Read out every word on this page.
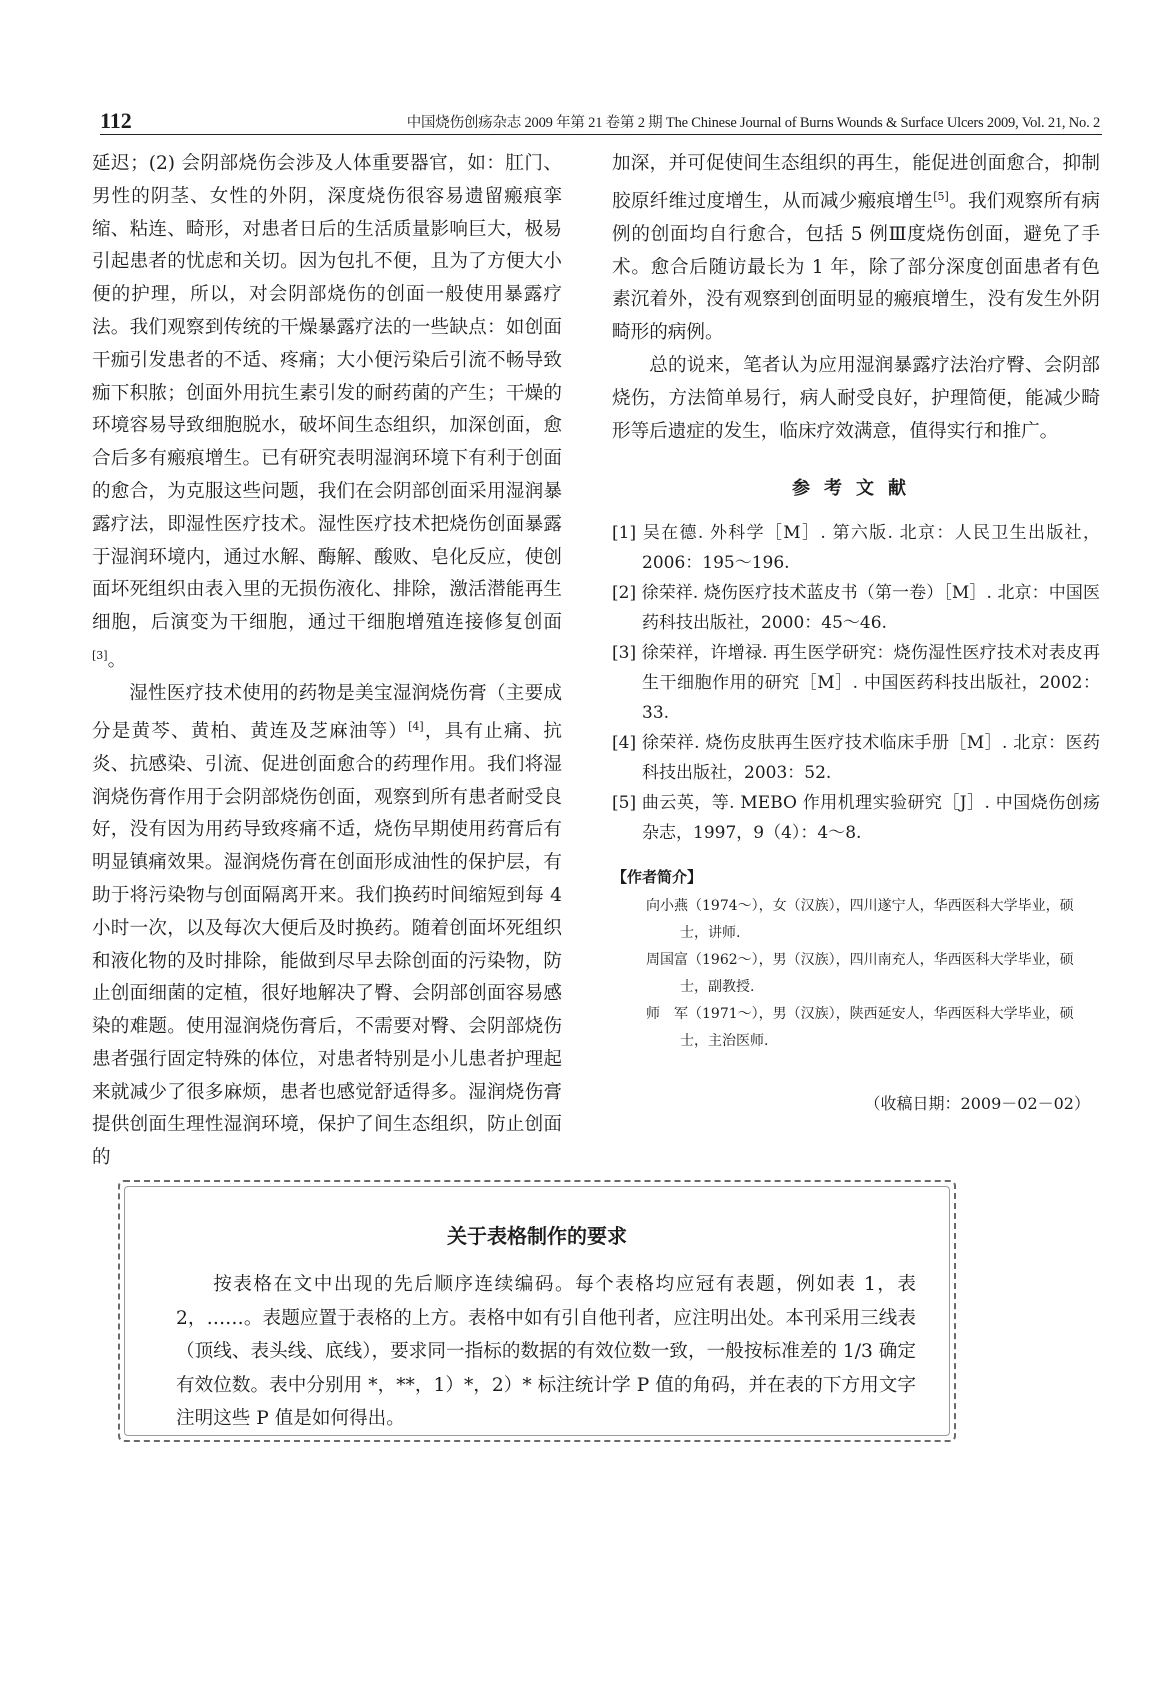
112	中国烧伤创疡杂志 2009 年第 21 卷第 2 期 The Chinese Journal of Burns Wounds & Surface Ulcers 2009, Vol. 21, No. 2

延迟；(2) 会阴部烧伤会涉及人体重要器官，如：肛门、男性的阴茎、女性的外阴，深度烧伤很容易遗留瘢痕挛缩、粘连、畸形，对患者日后的生活质量影响巨大，极易引起患者的忧虑和关切。因为包扎不便，且为了方便大小便的护理，所以，对会阴部烧伤的创面一般使用暴露疗法。我们观察到传统的干燥暴露疗法的一些缺点：如创面干痂引发患者的不适、疼痛；大小便污染后引流不畅导致痂下积脓；创面外用抗生素引发的耐药菌的产生；干燥的环境容易导致细胞脱水，破坏间生态组织，加深创面，愈合后多有瘢痕增生。已有研究表明湿润环境下有利于创面的愈合，为克服这些问题，我们在会阴部创面采用湿润暴露疗法，即湿性医疗技术。湿性医疗技术把烧伤创面暴露于湿润环境内，通过水解、酶解、酸败、皂化反应，使创面坏死组织由表入里的无损伤液化、排除，激活潜能再生细胞，后演变为干细胞，通过干细胞增殖连接修复创面[3]。

湿性医疗技术使用的药物是美宝湿润烧伤膏（主要成分是黄芩、黄柏、黄连及芝麻油等）[4]，具有止痛、抗炎、抗感染、引流、促进创面愈合的药理作用。我们将湿润烧伤膏作用于会阴部烧伤创面，观察到所有患者耐受良好，没有因为用药导致疼痛不适，烧伤早期使用药膏后有明显镇痛效果。湿润烧伤膏在创面形成油性的保护层，有助于将污染物与创面隔离开来。我们换药时间缩短到每 4 小时一次，以及每次大便后及时换药。随着创面坏死组织和液化物的及时排除，能做到尽早去除创面的污染物，防止创面细菌的定植，很好地解决了臀、会阴部创面容易感染的难题。使用湿润烧伤膏后，不需要对臀、会阴部烧伤患者强行固定特殊的体位，对患者特别是小儿患者护理起来就减少了很多麻烦，患者也感觉舒适得多。湿润烧伤膏提供创面生理性湿润环境，保护了间生态组织，防止创面的

加深，并可促使间生态组织的再生，能促进创面愈合，抑制胶原纤维过度增生，从而减少瘢痕增生[5]。我们观察所有病例的创面均自行愈合，包括 5 例Ⅲ度烧伤创面，避免了手术。愈合后随访最长为 1 年，除了部分深度创面患者有色素沉着外，没有观察到创面明显的瘢痕增生，没有发生外阴畸形的病例。

总的说来，笔者认为应用湿润暴露疗法治疗臀、会阴部烧伤，方法简单易行，病人耐受良好，护理简便，能减少畸形等后遗症的发生，临床疗效满意，值得实行和推广。

参考文献

[1] 吴在德. 外科学［M］. 第六版. 北京：人民卫生出版社，2006：195～196.

[2] 徐荣祥. 烧伤医疗技术蓝皮书（第一卷）［M］. 北京：中国医药科技出版社，2000：45～46.

[3] 徐荣祥，许增禄. 再生医学研究：烧伤湿性医疗技术对表皮再生干细胞作用的研究［M］. 中国医药科技出版社，2002：33.

[4] 徐荣祥. 烧伤皮肤再生医疗技术临床手册［M］. 北京：医药科技出版社，2003：52.

[5] 曲云英，等. MEBO 作用机理实验研究［J］. 中国烧伤创疡杂志，1997，9（4）：4～8.

【作者简介】

向小燕（1974～），女（汉族），四川遂宁人，华西医科大学毕业，硕士，讲师.

周国富（1962～），男（汉族），四川南充人，华西医科大学毕业，硕士，副教授.

师　军（1971～），男（汉族），陕西延安人，华西医科大学毕业，硕士，主治医师.

（收稿日期：2009－02－02）
关于表格制作的要求

按表格在文中出现的先后顺序连续编码。每个表格均应冠有表题，例如表 1，表 2，……。表题应置于表格的上方。表格中如有引自他刊者，应注明出处。本刊采用三线表（顶线、表头线、底线），要求同一指标的数据的有效位数一致，一般按标准差的 1/3 确定有效位数。表中分别用 *，**，1）*，2）* 标注统计学 P 值的角码，并在表的下方用文字注明这些 P 值是如何得出。
